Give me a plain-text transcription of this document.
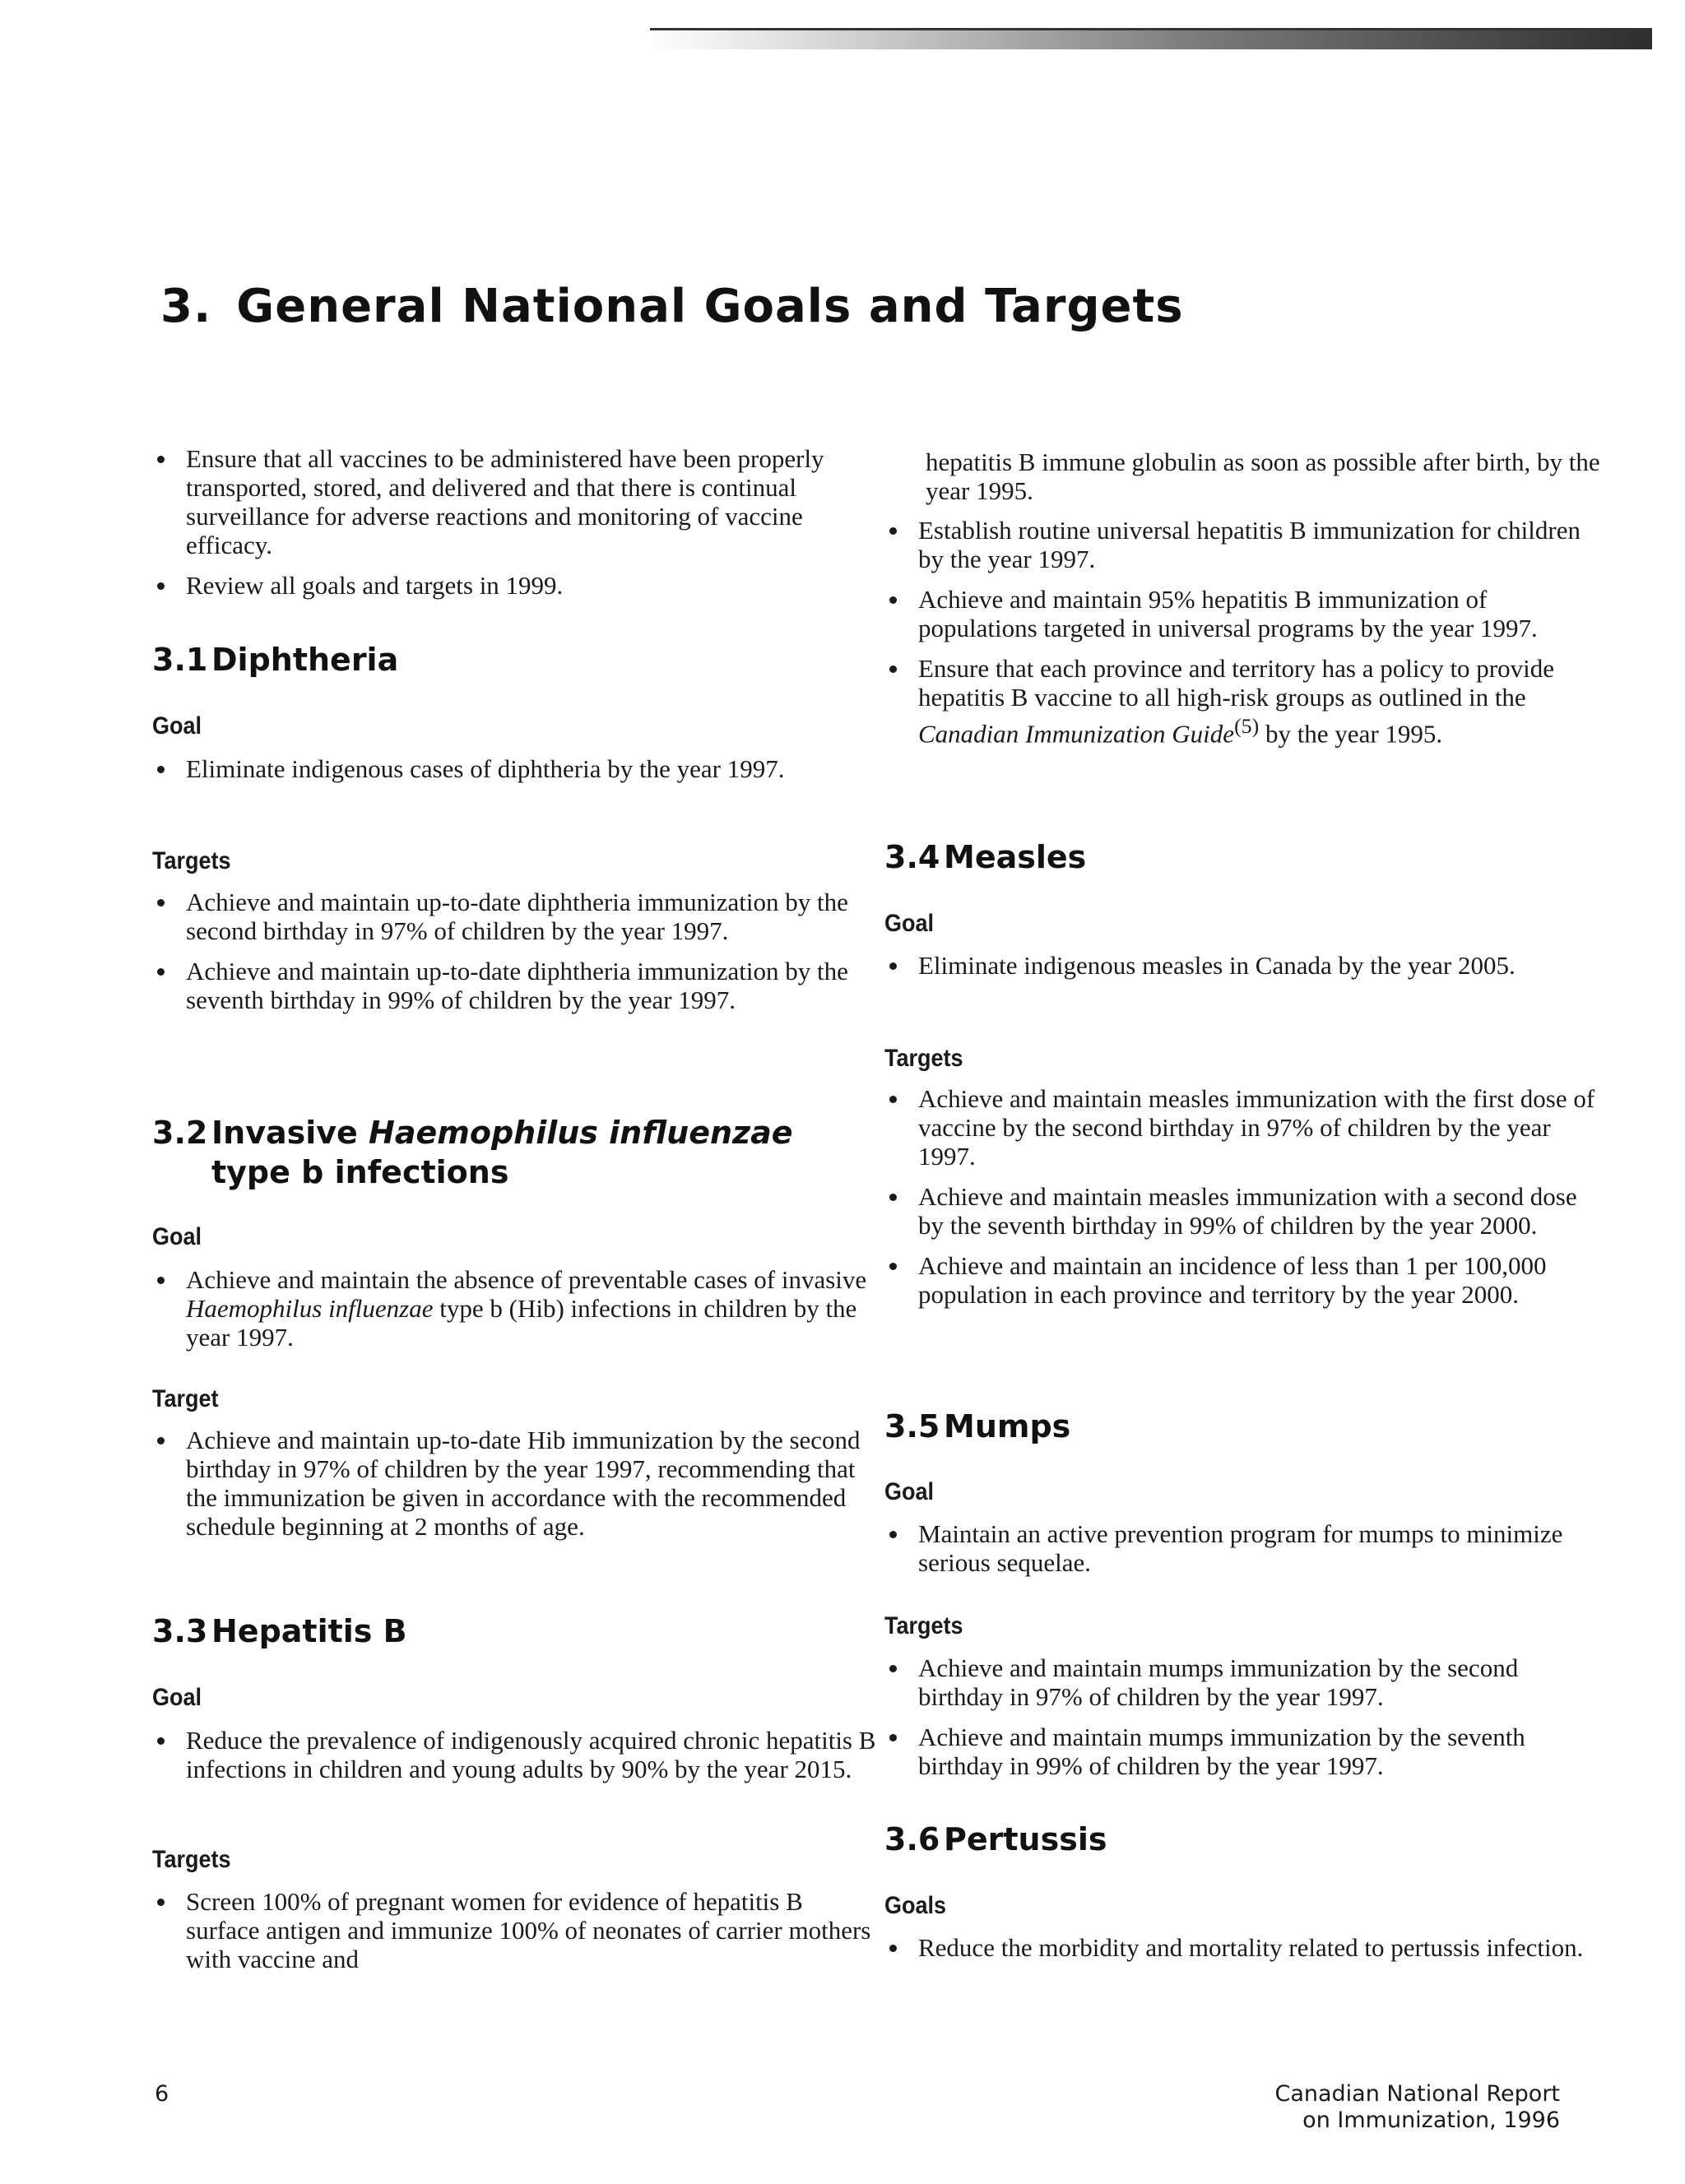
3. General National Goals and Targets
Ensure that all vaccines to be administered have been properly transported, stored, and delivered and that there is continual surveillance for adverse reactions and monitoring of vaccine efficacy.
Review all goals and targets in 1999.
3.1 Diphtheria
Goal
Eliminate indigenous cases of diphtheria by the year 1997.
Targets
Achieve and maintain up-to-date diphtheria immunization by the second birthday in 97% of children by the year 1997.
Achieve and maintain up-to-date diphtheria immunization by the seventh birthday in 99% of children by the year 1997.
3.2 Invasive Haemophilus influenzae type b infections
Goal
Achieve and maintain the absence of preventable cases of invasive Haemophilus influenzae type b (Hib) infections in children by the year 1997.
Target
Achieve and maintain up-to-date Hib immunization by the second birthday in 97% of children by the year 1997, recommending that the immunization be given in accordance with the recommended schedule beginning at 2 months of age.
3.3 Hepatitis B
Goal
Reduce the prevalence of indigenously acquired chronic hepatitis B infections in children and young adults by 90% by the year 2015.
Targets
Screen 100% of pregnant women for evidence of hepatitis B surface antigen and immunize 100% of neonates of carrier mothers with vaccine and

hepatitis B immune globulin as soon as possible after birth, by the year 1995.

Establish routine universal hepatitis B immunization for children by the year 1997.
Achieve and maintain 95% hepatitis B immunization of populations targeted in universal programs by the year 1997.
Ensure that each province and territory has a policy to provide hepatitis B vaccine to all high-risk groups as outlined in the Canadian Immunization Guide$^{(5)}$ by the year 1995.
3.4 Measles
Goal
Eliminate indigenous measles in Canada by the year 2005.
Targets
Achieve and maintain measles immunization with the first dose of vaccine by the second birthday in 97% of children by the year 1997.
Achieve and maintain measles immunization with a second dose by the seventh birthday in 99% of children by the year 2000.
Achieve and maintain an incidence of less than 1 per 100,000 population in each province and territory by the year 2000.
3.5 Mumps
Goal
Maintain an active prevention program for mumps to minimize serious sequelae.
Targets
Achieve and maintain mumps immunization by the second birthday in 97% of children by the year 1997.
Achieve and maintain mumps immunization by the seventh birthday in 99% of children by the year 1997.
3.6 Pertussis
Goals
Reduce the morbidity and mortality related to pertussis infection.
6	Canadian National Report
on Immunization, 1996
